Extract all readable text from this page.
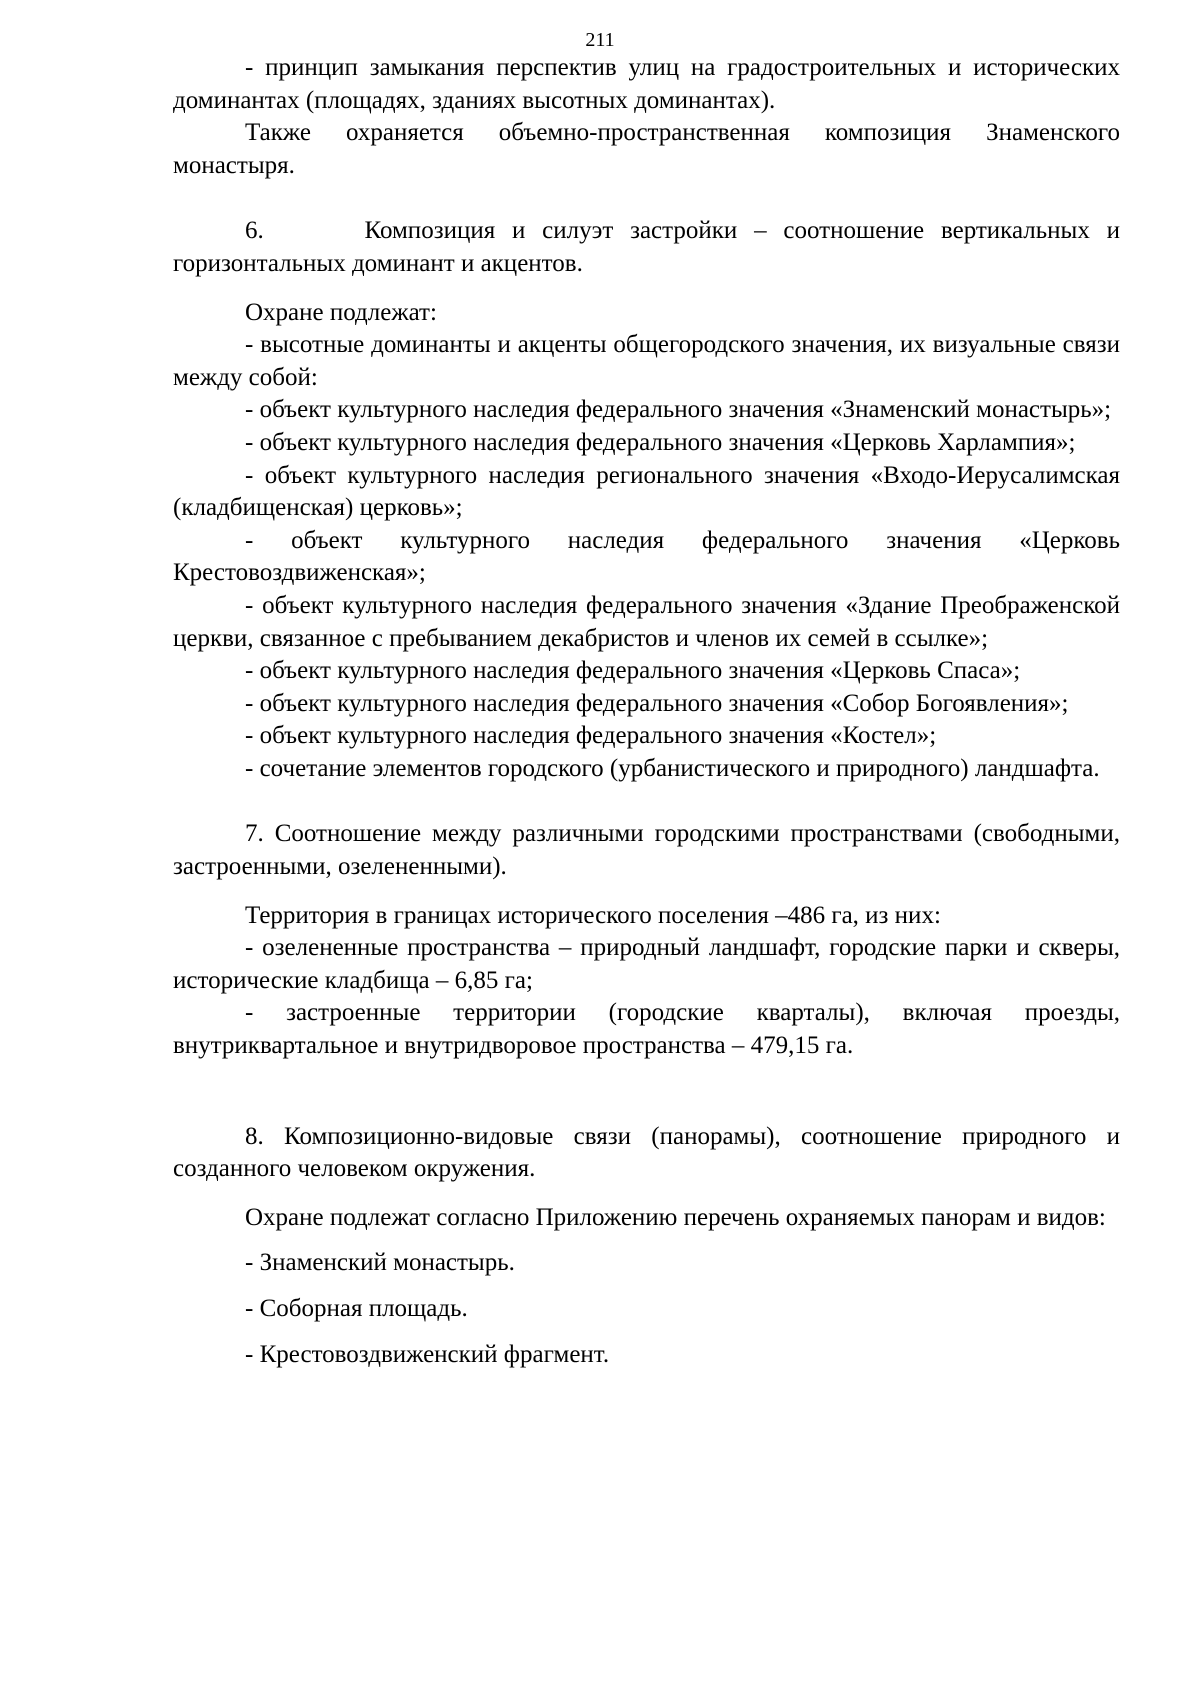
211

- принцип замыкания перспектив улиц на градостроительных и исторических доминантах (площадях, зданиях высотных доминантах).

Также охраняется объемно-пространственная композиция Знаменского монастыря.

6.      Композиция и силуэт застройки – соотношение вертикальных и горизонтальных доминант и акцентов.

Охране подлежат:

- высотные доминанты и акценты общегородского значения, их визуальные связи между собой:

- объект культурного наследия федерального значения «Знаменский монастырь»;

- объект культурного наследия федерального значения «Церковь Харлампия»;

- объект культурного наследия регионального значения «Входо-Иерусалимская (кладбищенская) церковь»;

- объект культурного наследия федерального значения «Церковь Крестовоздвиженская»;

- объект культурного наследия федерального значения «Здание Преображенской церкви, связанное с пребыванием декабристов и членов их семей в ссылке»;

- объект культурного наследия федерального значения «Церковь Спаса»;

- объект культурного наследия федерального значения «Собор Богоявления»;

- объект культурного наследия федерального значения «Костел»;

- сочетание элементов городского (урбанистического и природного) ландшафта.

7. Соотношение между различными городскими пространствами (свободными, застроенными, озелененными).

Территория в границах исторического поселения –486 га, из них:

- озелененные пространства – природный ландшафт, городские парки и скверы, исторические кладбища – 6,85 га;

- застроенные территории (городские кварталы), включая проезды, внутриквартальное и внутридворовое пространства – 479,15 га.

8. Композиционно-видовые связи (панорамы), соотношение природного и созданного человеком окружения.

Охране подлежат согласно Приложению перечень охраняемых панорам и видов:

- Знаменский монастырь.

- Соборная площадь.

- Крестовоздвиженский фрагмент.
